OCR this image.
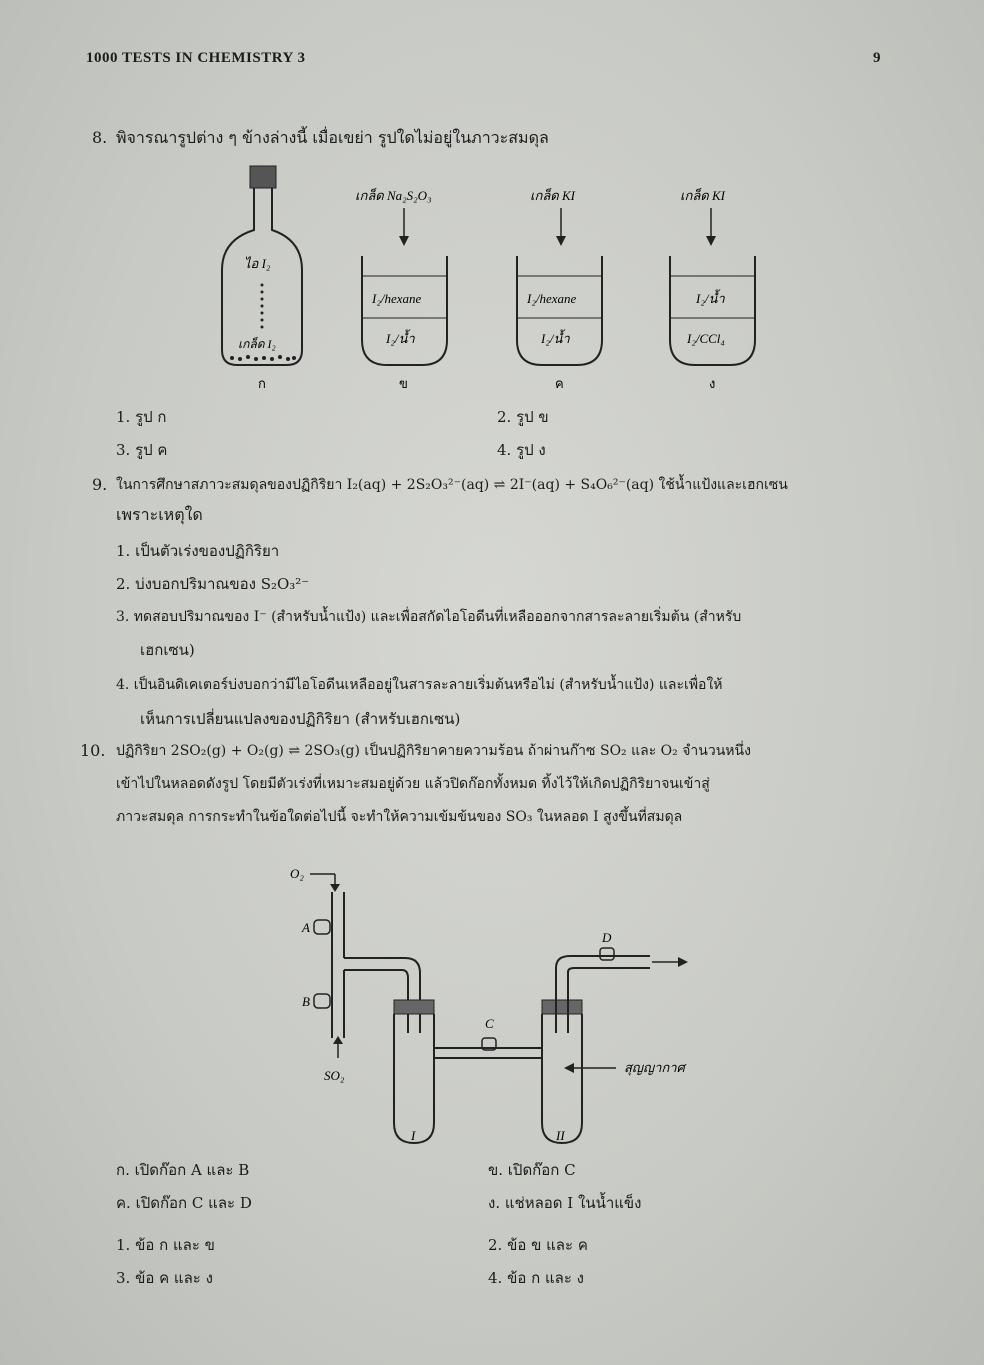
1000 TESTS IN CHEMISTRY 3	9
8. พิจารณารูปต่าง ๆ ข้างล่างนี้ เมื่อเขย่า รูปใดไม่อยู่ในภาวะสมดุล
ไอ I₂
เกล็ด I₂
ก
เกล็ด Na₂S₂O₃
I₂/hexane
I₂/น้ำ
ข
เกล็ด KI
I₂/hexane
I₂/น้ำ
ค
เกล็ด KI
I₂/น้ำ
I₂/CCl₄
ง
1. รูป ก	2. รูป ข
3. รูป ค	4. รูป ง
9. ในการศึกษาสภาวะสมดุลของปฏิกิริยา I₂(aq) + 2S₂O₃²⁻(aq) ⇌ 2I⁻(aq) + S₄O₆²⁻(aq) ใช้น้ำแป้งและเฮกเซน
เพราะเหตุใด
1. เป็นตัวเร่งของปฏิกิริยา
2. บ่งบอกปริมาณของ S₂O₃²⁻
3. ทดสอบปริมาณของ I⁻ (สำหรับน้ำแป้ง) และเพื่อสกัดไอโอดีนที่เหลือออกจากสารละลายเริ่มต้น (สำหรับ
เฮกเซน)
4. เป็นอินดิเคเตอร์บ่งบอกว่ามีไอโอดีนเหลืออยู่ในสารละลายเริ่มต้นหรือไม่ (สำหรับน้ำแป้ง) และเพื่อให้
เห็นการเปลี่ยนแปลงของปฏิกิริยา (สำหรับเฮกเซน)
10. ปฏิกิริยา 2SO₂(g) + O₂(g) ⇌ 2SO₃(g) เป็นปฏิกิริยาคายความร้อน ถ้าผ่านก๊าซ SO₂ และ O₂ จำนวนหนึ่ง
เข้าไปในหลอดดังรูป โดยมีตัวเร่งที่เหมาะสมอยู่ด้วย แล้วปิดก๊อกทั้งหมด ทิ้งไว้ให้เกิดปฏิกิริยาจนเข้าสู่
ภาวะสมดุล การกระทำในข้อใดต่อไปนี้ จะทำให้ความเข้มข้นของ SO₃ ในหลอด I สูงขึ้นที่สมดุล
O₂
A
B
SO₂
I
C
II
D
สุญญากาศ
ก. เปิดก๊อก A และ B	ข. เปิดก๊อก C
ค. เปิดก๊อก C และ D	ง. แช่หลอด I ในน้ำแข็ง
1. ข้อ ก และ ข	2. ข้อ ข และ ค
3. ข้อ ค และ ง	4. ข้อ ก และ ง
